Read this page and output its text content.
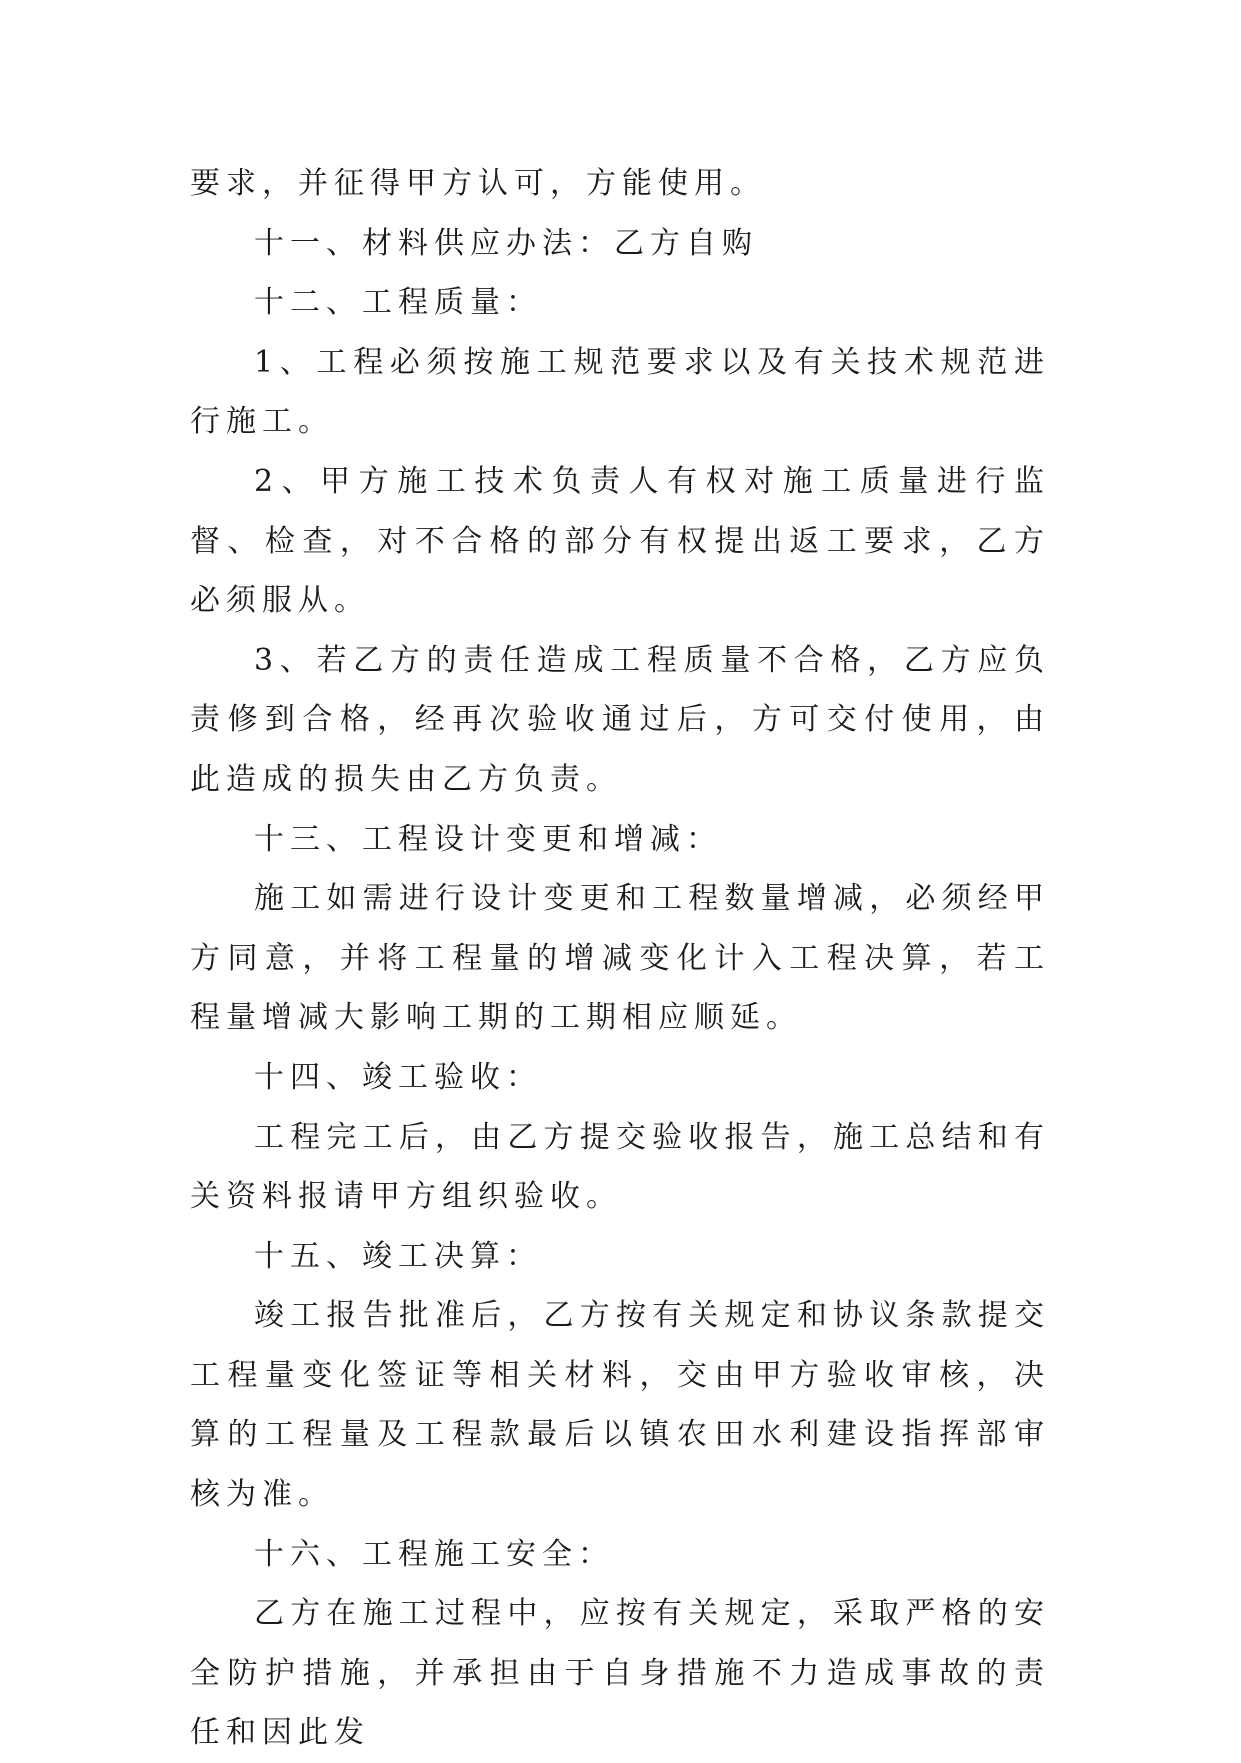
要求，并征得甲方认可，方能使用。

十一、材料供应办法：乙方自购

十二、工程质量：

1、工程必须按施工规范要求以及有关技术规范进行施工。

2、甲方施工技术负责人有权对施工质量进行监督、检查，对不合格的部分有权提出返工要求，乙方必须服从。

3、若乙方的责任造成工程质量不合格，乙方应负责修到合格，经再次验收通过后，方可交付使用，由此造成的损失由乙方负责。

十三、工程设计变更和增减：

施工如需进行设计变更和工程数量增减，必须经甲方同意，并将工程量的增减变化计入工程决算，若工程量增减大影响工期的工期相应顺延。

十四、竣工验收：

工程完工后，由乙方提交验收报告，施工总结和有关资料报请甲方组织验收。

十五、竣工决算：

竣工报告批准后，乙方按有关规定和协议条款提交工程量变化签证等相关材料，交由甲方验收审核，决算的工程量及工程款最后以镇农田水利建设指挥部审核为准。

十六、工程施工安全：

乙方在施工过程中，应按有关规定，采取严格的安全防护措施，并承担由于自身措施不力造成事故的责任和因此发
